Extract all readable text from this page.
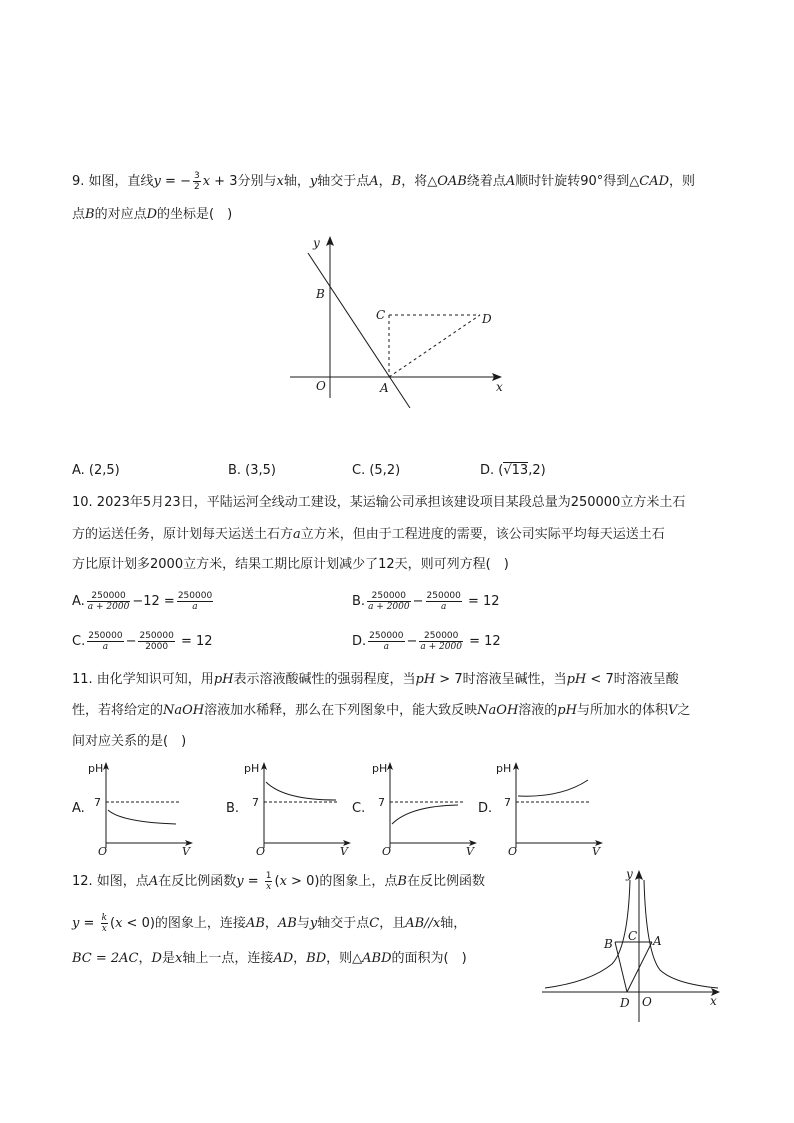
9. 如图，直线y = − $\frac{3}{2}$ x + 3分别与x轴，y轴交于点A，B，将△OAB绕着点A顺时针旋转90°得到△CAD，则
点B的对应点D的坐标是(　)
y
B
C	D
O	A	x
A. (2,5)	B. (3,5)	C. (5,2)	D. (√13,2)
10. 2023年5月23日，平陆运河全线动工建设，某运输公司承担该建设项目某段总量为250000立方米土石
方的运送任务，原计划每天运送土石方a立方米，但由于工程进度的需要，该公司实际平均每天运送土石
方比原计划多2000立方米，结果工期比原计划减少了12天，则可列方程(　)
A. $\frac{250000}{a + 2000} -12 = \frac{250000}{a}$	B. $\frac{250000}{a + 2000} - \frac{250000}{a} = 12$
C. $\frac{250000}{a} - \frac{250000}{2000} = 12$	D. $\frac{250000}{a} - \frac{250000}{a + 2000} = 12$
11. 由化学知识可知，用pH表示溶液酸碱性的强弱程度，当pH > 7时溶液呈碱性，当pH < 7时溶液呈酸
性，若将给定的NaOH溶液加水稀释，那么在下列图象中，能大致反映NaOH溶液的pH与所加水的体积V之
间对应关系的是(　)
A.
pH
7
O	V
B.
pH
7
O	V
C.
pH
7
O	V
D.
pH
7
O	V
12. 如图，点A在反比例函数$y = \frac{1}{x} (x > 0)$的图象上，点B在反比例函数
$y = \frac{k}{x} (x < 0)$的图象上，连接AB，AB与y轴交于点C，且AB//x轴，
BC = 2AC，D是x轴上一点，连接AD，BD，则△ABD的面积为(　)
y
B
C A
D O	x
